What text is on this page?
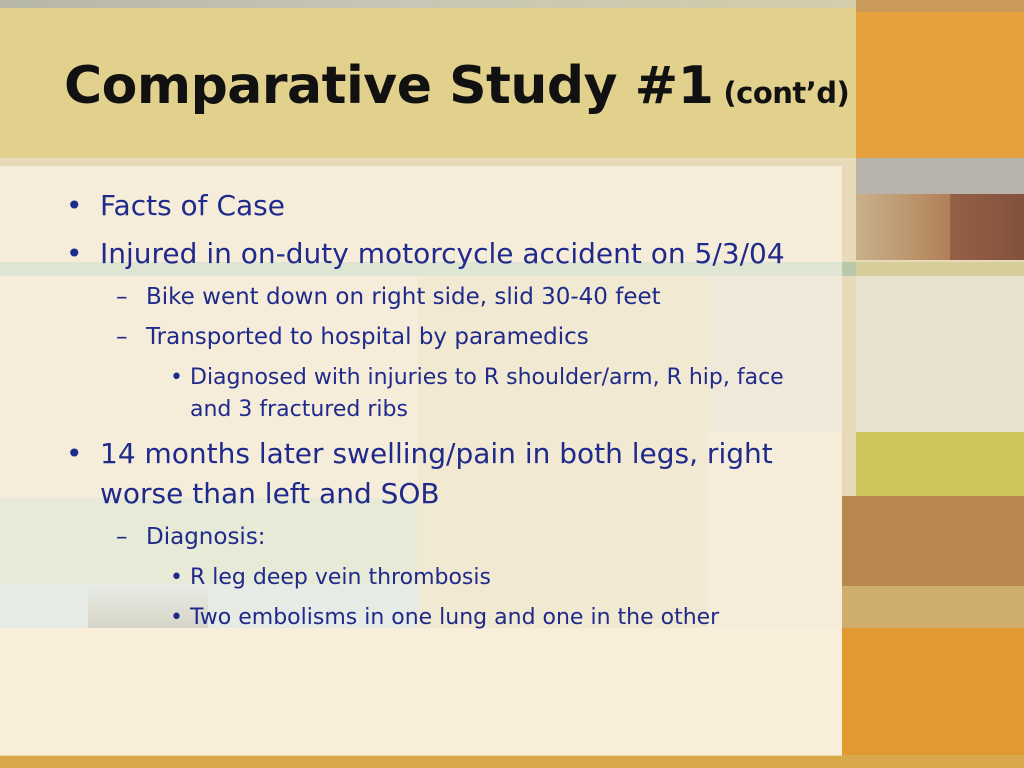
Comparative Study #1 (cont’d)
• Facts of Case
• Injured in on-duty motorcycle accident on 5/3/04
– Bike went down on right side, slid 30-40 feet
– Transported to hospital by paramedics
• Diagnosed with injuries to R shoulder/arm, R hip, face and 3 fractured ribs
• 14 months later swelling/pain in both legs, right worse than left and SOB
– Diagnosis:
• R leg deep vein thrombosis
• Two embolisms in one lung and one in the other
